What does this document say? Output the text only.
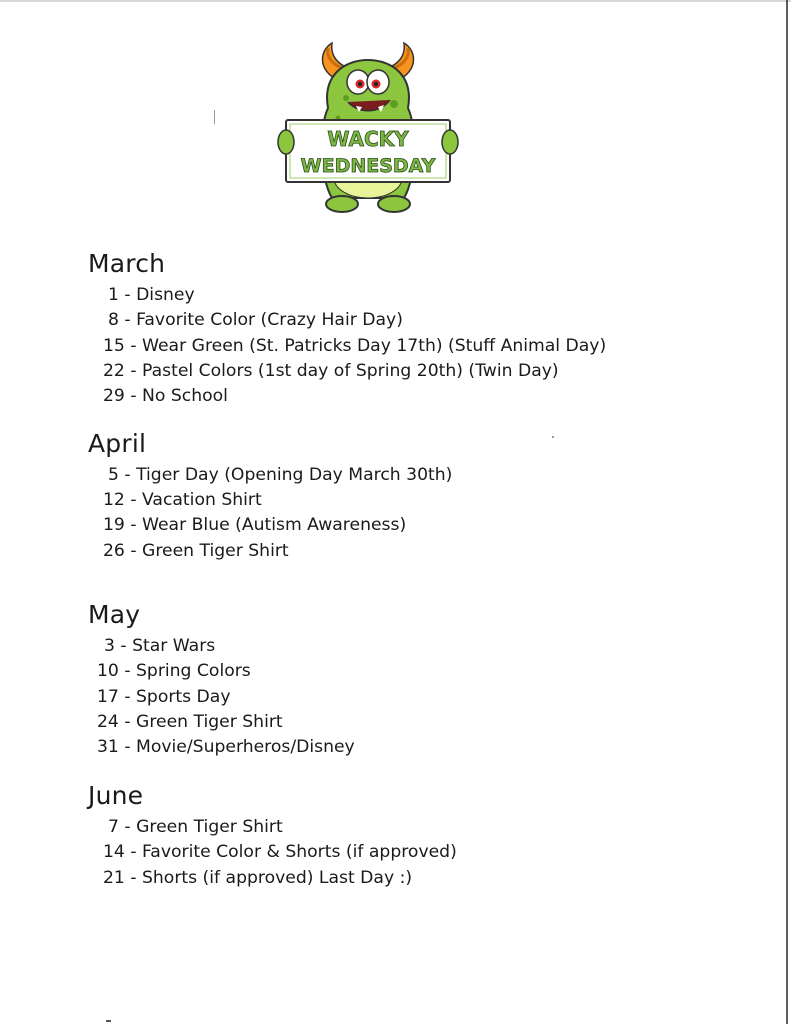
WACKY
WEDNESDAY
March

1 - Disney

8 - Favorite Color (Crazy Hair Day)

15 - Wear Green (St. Patricks Day 17th) (Stuff Animal Day)

22 - Pastel Colors (1st day of Spring 20th) (Twin Day)

29 - No School

April

5 - Tiger Day (Opening Day March 30th)

12 - Vacation Shirt

19 - Wear Blue (Autism Awareness)

26 - Green Tiger Shirt

May

3 - Star Wars

10 - Spring Colors

17 - Sports Day

24 - Green Tiger Shirt

31 - Movie/Superheros/Disney

June

7 - Green Tiger Shirt

14 - Favorite Color & Shorts (if approved)

21 - Shorts (if approved) Last Day :)
